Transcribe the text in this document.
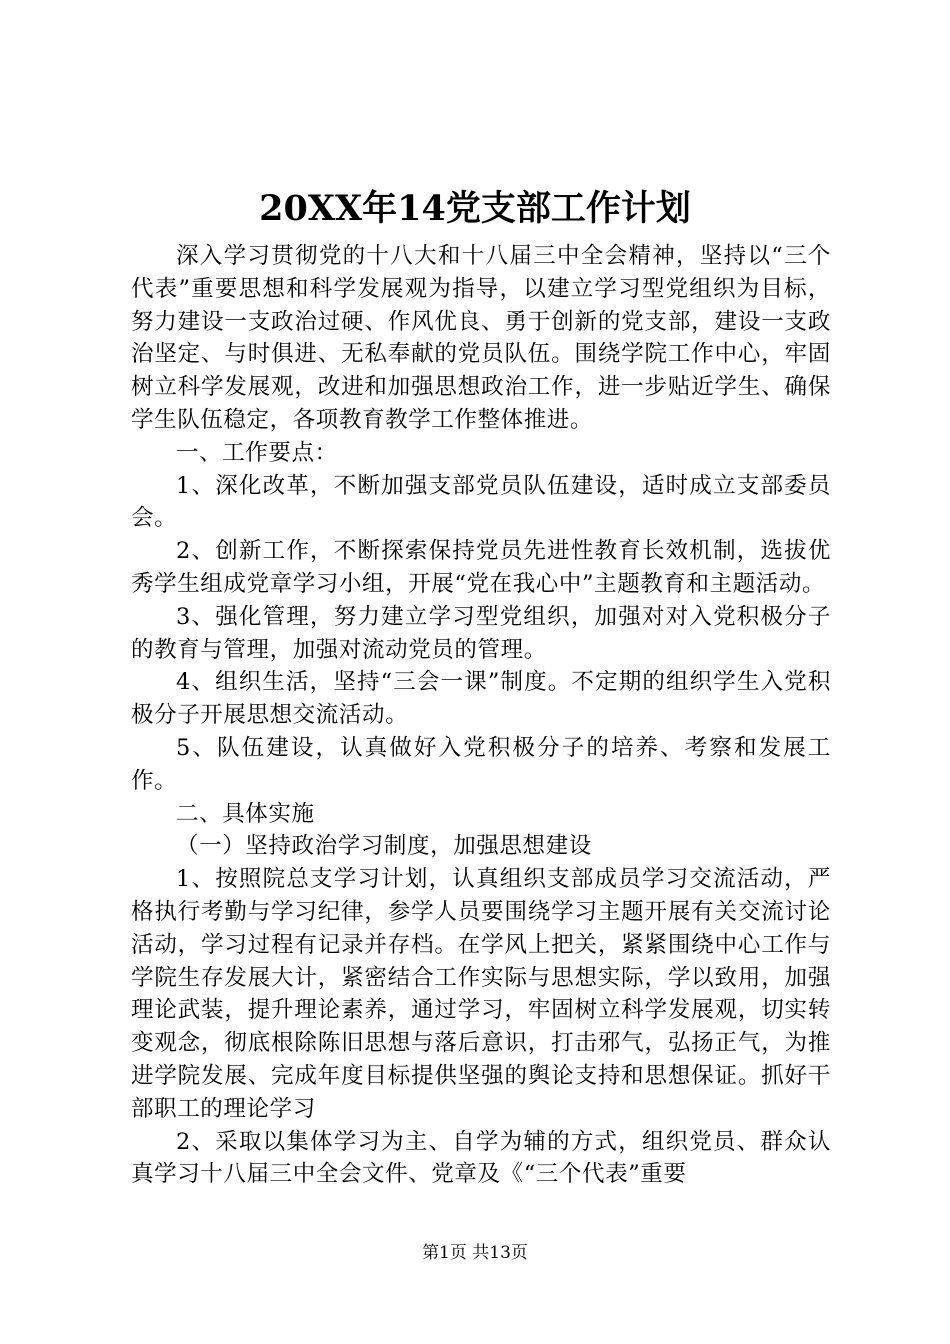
20XX年14党支部工作计划

深入学习贯彻党的十八大和十八届三中全会精神，坚持以“三个代表”重要思想和科学发展观为指导，以建立学习型党组织为目标，努力建设一支政治过硬、作风优良、勇于创新的党支部，建设一支政治坚定、与时俱进、无私奉献的党员队伍。围绕学院工作中心，牢固树立科学发展观，改进和加强思想政治工作，进一步贴近学生、确保学生队伍稳定，各项教育教学工作整体推进。

一、工作要点：

1、深化改革，不断加强支部党员队伍建设，适时成立支部委员会。

2、创新工作，不断探索保持党员先进性教育长效机制，选拔优秀学生组成党章学习小组，开展“党在我心中”主题教育和主题活动。

3、强化管理，努力建立学习型党组织，加强对对入党积极分子的教育与管理，加强对流动党员的管理。

4、组织生活，坚持“三会一课”制度。不定期的组织学生入党积极分子开展思想交流活动。

5、队伍建设，认真做好入党积极分子的培养、考察和发展工作。

二、具体实施

（一）坚持政治学习制度，加强思想建设

1、按照院总支学习计划，认真组织支部成员学习交流活动，严格执行考勤与学习纪律，参学人员要围绕学习主题开展有关交流讨论活动，学习过程有记录并存档。在学风上把关，紧紧围绕中心工作与学院生存发展大计，紧密结合工作实际与思想实际，学以致用，加强理论武装，提升理论素养，通过学习，牢固树立科学发展观，切实转变观念，彻底根除陈旧思想与落后意识，打击邪气，弘扬正气，为推进学院发展、完成年度目标提供坚强的舆论支持和思想保证。抓好干部职工的理论学习

2、采取以集体学习为主、自学为辅的方式，组织党员、群众认真学习十八届三中全会文件、党章及《“三个代表”重要

第1页 共13页
